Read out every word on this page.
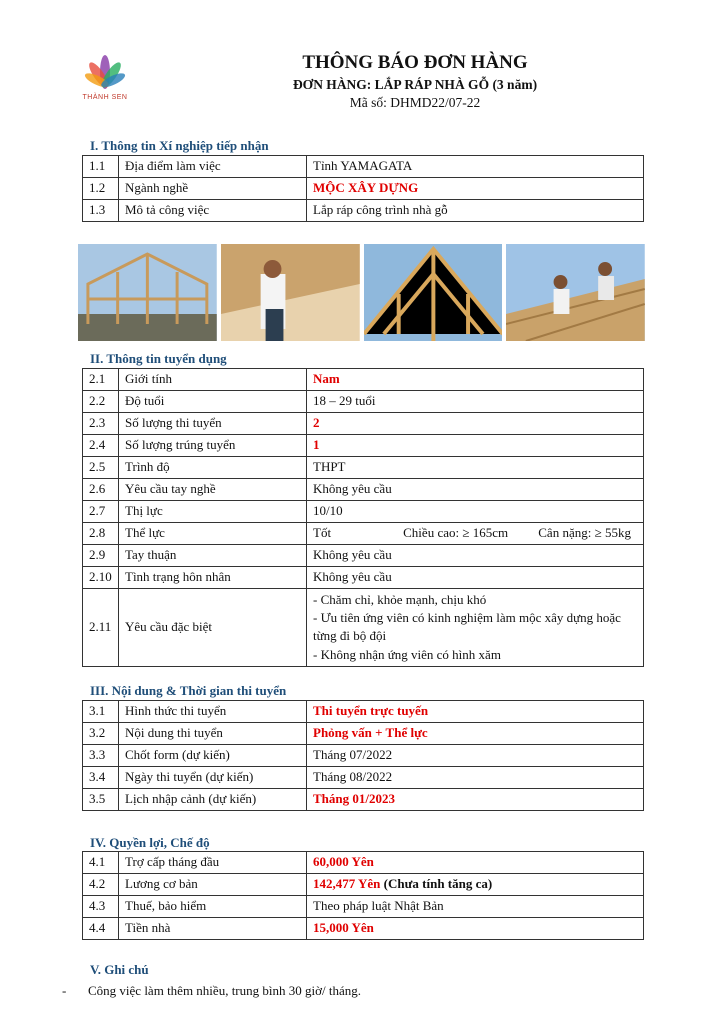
THÀNH SEN
THÔNG BÁO ĐƠN HÀNG
ĐƠN HÀNG: LẮP RÁP NHÀ GỖ (3 năm)
Mã số: DHMD22/07-22
I. Thông tin Xí nghiệp tiếp nhận
1.1	Địa điểm làm việc	Tỉnh YAMAGATA
1.2	Ngành nghề	MỘC XÂY DỰNG
1.3	Mô tả công việc	Lắp ráp công trình nhà gỗ
II. Thông tin tuyển dụng
2.1	Giới tính	Nam
2.2	Độ tuổi	18 – 29 tuổi
2.3	Số lượng thi tuyển	2
2.4	Số lượng trúng tuyển	1
2.5	Trình độ	THPT
2.6	Yêu cầu tay nghề	Không yêu cầu
2.7	Thị lực	10/10
2.8	Thể lực	Tốt Chiều cao: ≥ 165cm Cân nặng: ≥ 55kg

2.9	Tay thuận	Không yêu cầu
2.10	Tình trạng hôn nhân	Không yêu cầu
2.11	Yêu cầu đặc biệt	- Chăm chỉ, khỏe mạnh, chịu khó
- Ưu tiên ứng viên có kinh nghiệm làm mộc xây dựng hoặc từng đi bộ đội
- Không nhận ứng viên có hình xăm
III. Nội dung & Thời gian thi tuyển
3.1	Hình thức thi tuyển	Thi tuyển trực tuyến
3.2	Nội dung thi tuyển	Phỏng vấn + Thể lực
3.3	Chốt form (dự kiến)	Tháng 07/2022
3.4	Ngày thi tuyển (dự kiến)	Tháng 08/2022
3.5	Lịch nhập cảnh (dự kiến)	Tháng 01/2023
IV. Quyền lợi, Chế độ
4.1	Trợ cấp tháng đầu	60,000 Yên
4.2	Lương cơ bản	142,477 Yên (Chưa tính tăng ca)
4.3	Thuế, bảo hiểm	Theo pháp luật Nhật Bản
4.4	Tiền nhà	15,000 Yên
V. Ghi chú
- Công việc làm thêm nhiều, trung bình 30 giờ/ tháng.
